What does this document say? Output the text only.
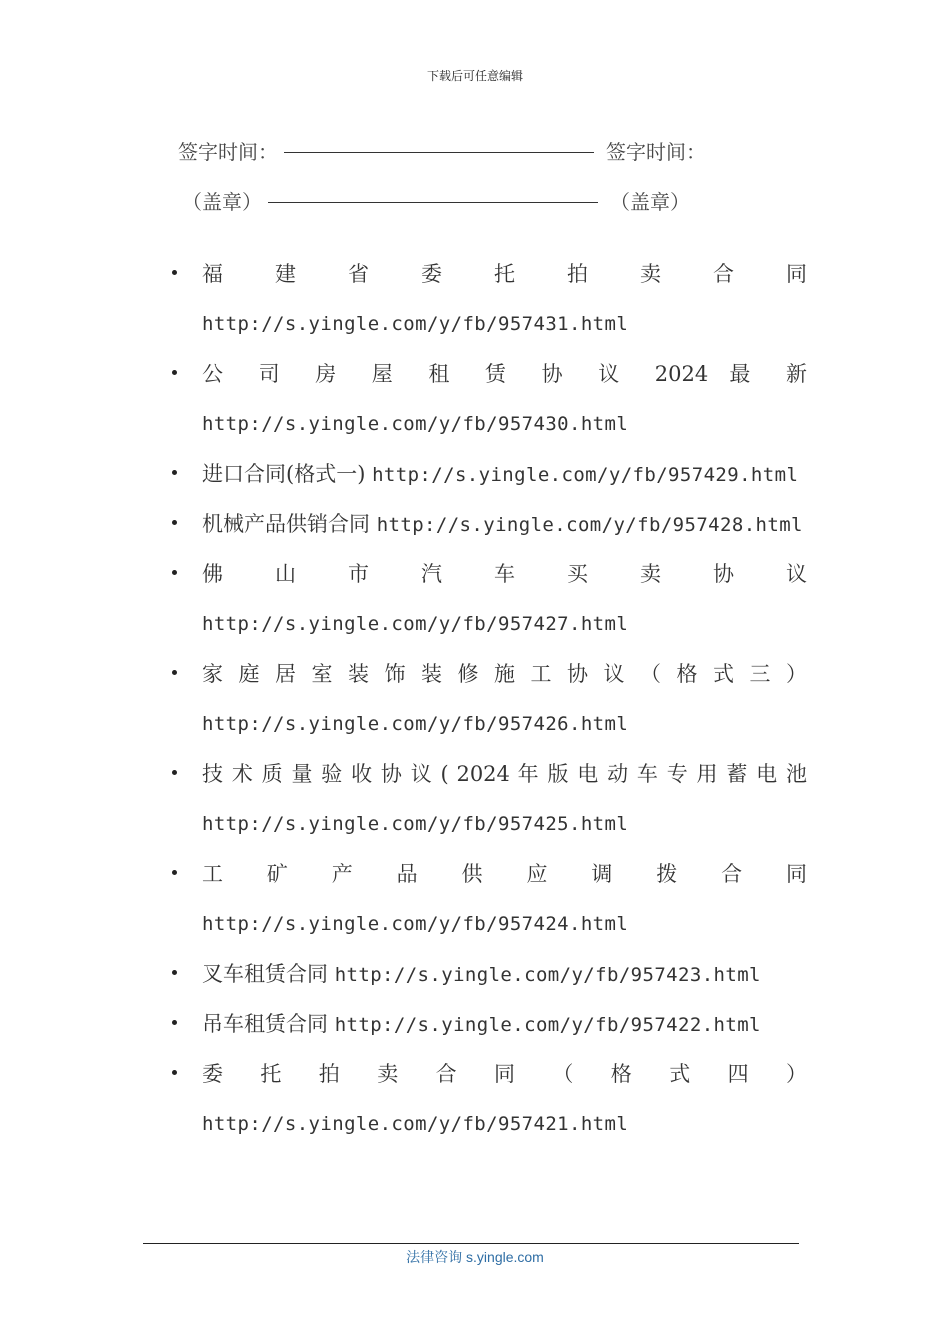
下载后可任意编辑
签字时间：	签字时间：
（盖章）	（盖章）
福 建 省 委 托 拍 卖 合 同
http://s.yingle.com/y/fb/957431.html
公 司 房 屋 租 赁 协 议 2024 最 新
http://s.yingle.com/y/fb/957430.html
进口合同(格式一) http://s.yingle.com/y/fb/957429.html
机械产品供销合同 http://s.yingle.com/y/fb/957428.html
佛 山 市 汽 车 买 卖 协 议
http://s.yingle.com/y/fb/957427.html
家 庭 居 室 装 饰 装 修 施 工 协 议 （ 格 式 三 ）
http://s.yingle.com/y/fb/957426.html
技 术 质 量 验 收 协 议 ( 2024 年 版 电 动 车 专 用 蓄 电 池
http://s.yingle.com/y/fb/957425.html
工 矿 产 品 供 应 调 拨 合 同
http://s.yingle.com/y/fb/957424.html
叉车租赁合同 http://s.yingle.com/y/fb/957423.html
吊车租赁合同 http://s.yingle.com/y/fb/957422.html
委 托 拍 卖 合 同 （ 格 式 四 ）
http://s.yingle.com/y/fb/957421.html
法律咨询 s.yingle.com
